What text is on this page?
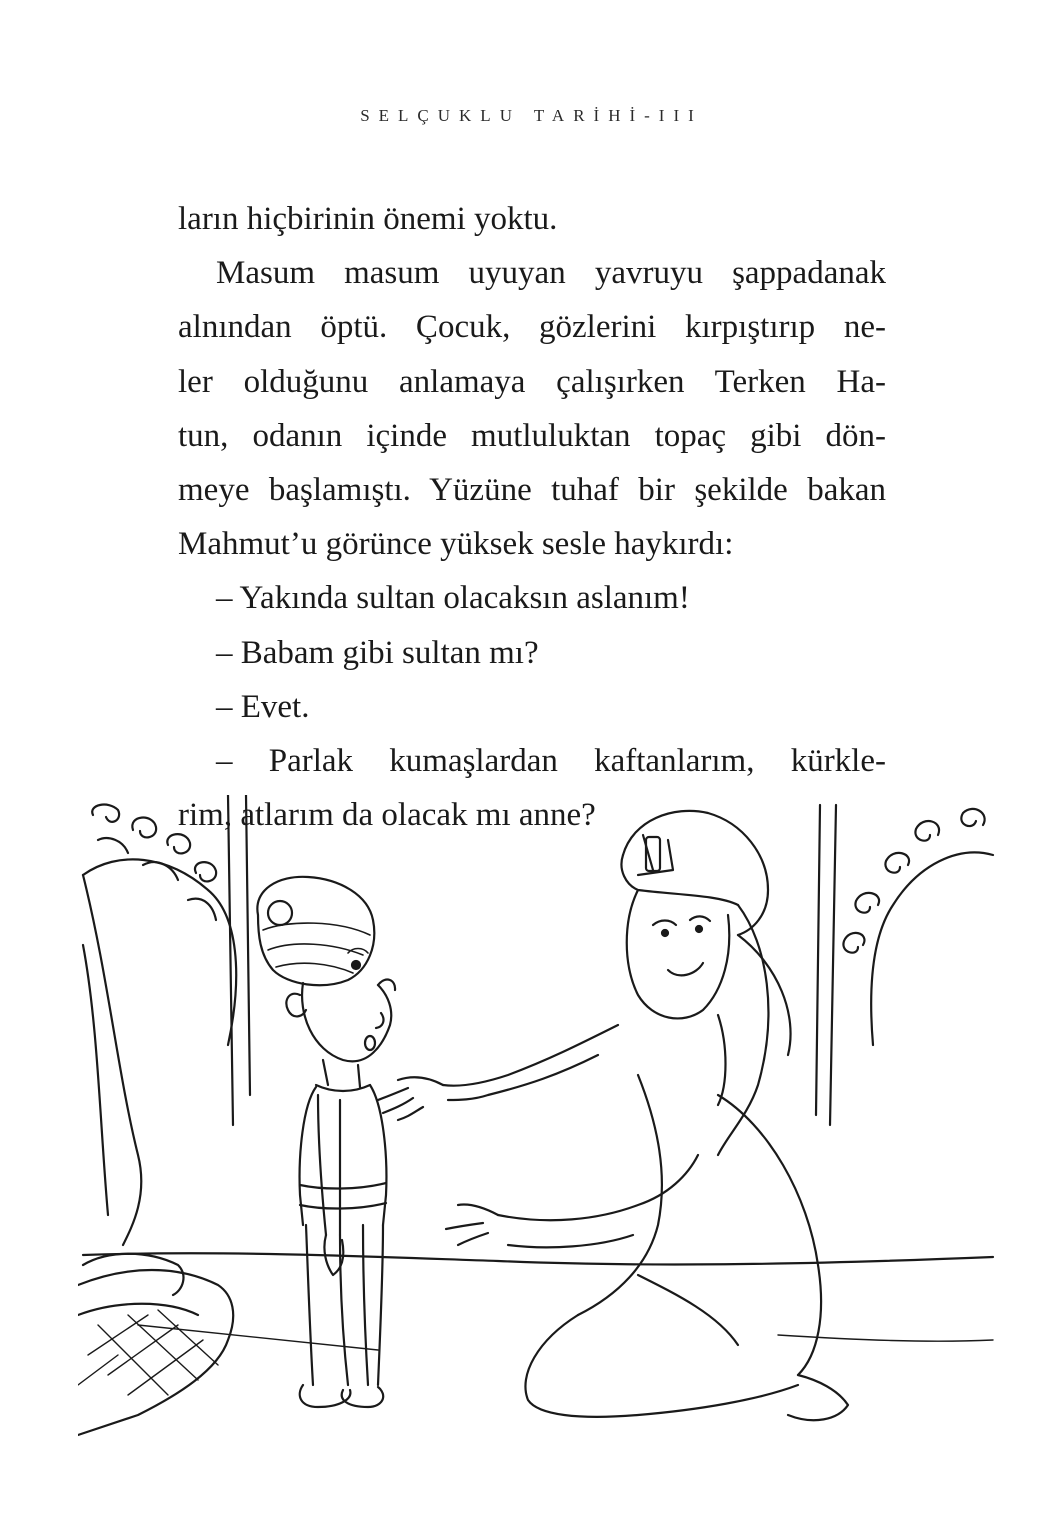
SELÇUKLU TARİHİ-III
ların hiçbirinin önemi yoktu.
Masum masum uyuyan yavruyu şappadanak
alnından öptü. Çocuk, gözlerini kırpıştırıp ne-
ler olduğunu anlamaya çalışırken Terken Ha-
tun, odanın içinde mutluluktan topaç gibi dön-
meye başlamıştı. Yüzüne tuhaf bir şekilde bakan
Mahmut’u görünce yüksek sesle haykırdı:
– Yakında sultan olacaksın aslanım!
– Babam gibi sultan mı?
– Evet.
– Parlak kumaşlardan kaftanlarım, kürkle-
rim, atlarım da olacak mı anne?
